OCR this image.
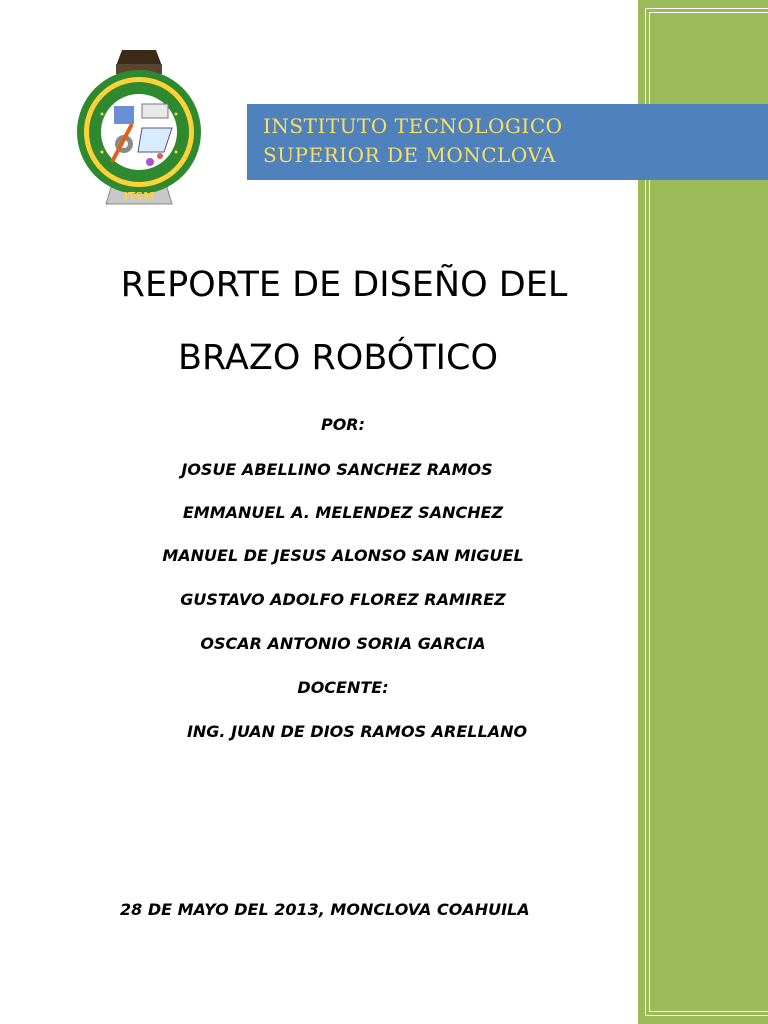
ITSM
INSTITUTO TECNOLOGICO
SUPERIOR DE MONCLOVA
REPORTE DE DISEÑO DEL
BRAZO ROBÓTICO
POR:
JOSUE ABELLINO SANCHEZ RAMOS
EMMANUEL A. MELENDEZ SANCHEZ
MANUEL DE JESUS ALONSO SAN MIGUEL
GUSTAVO ADOLFO FLOREZ RAMIREZ
OSCAR ANTONIO SORIA GARCIA
DOCENTE:
ING. JUAN DE DIOS RAMOS ARELLANO
28 DE MAYO DEL 2013, MONCLOVA COAHUILA
